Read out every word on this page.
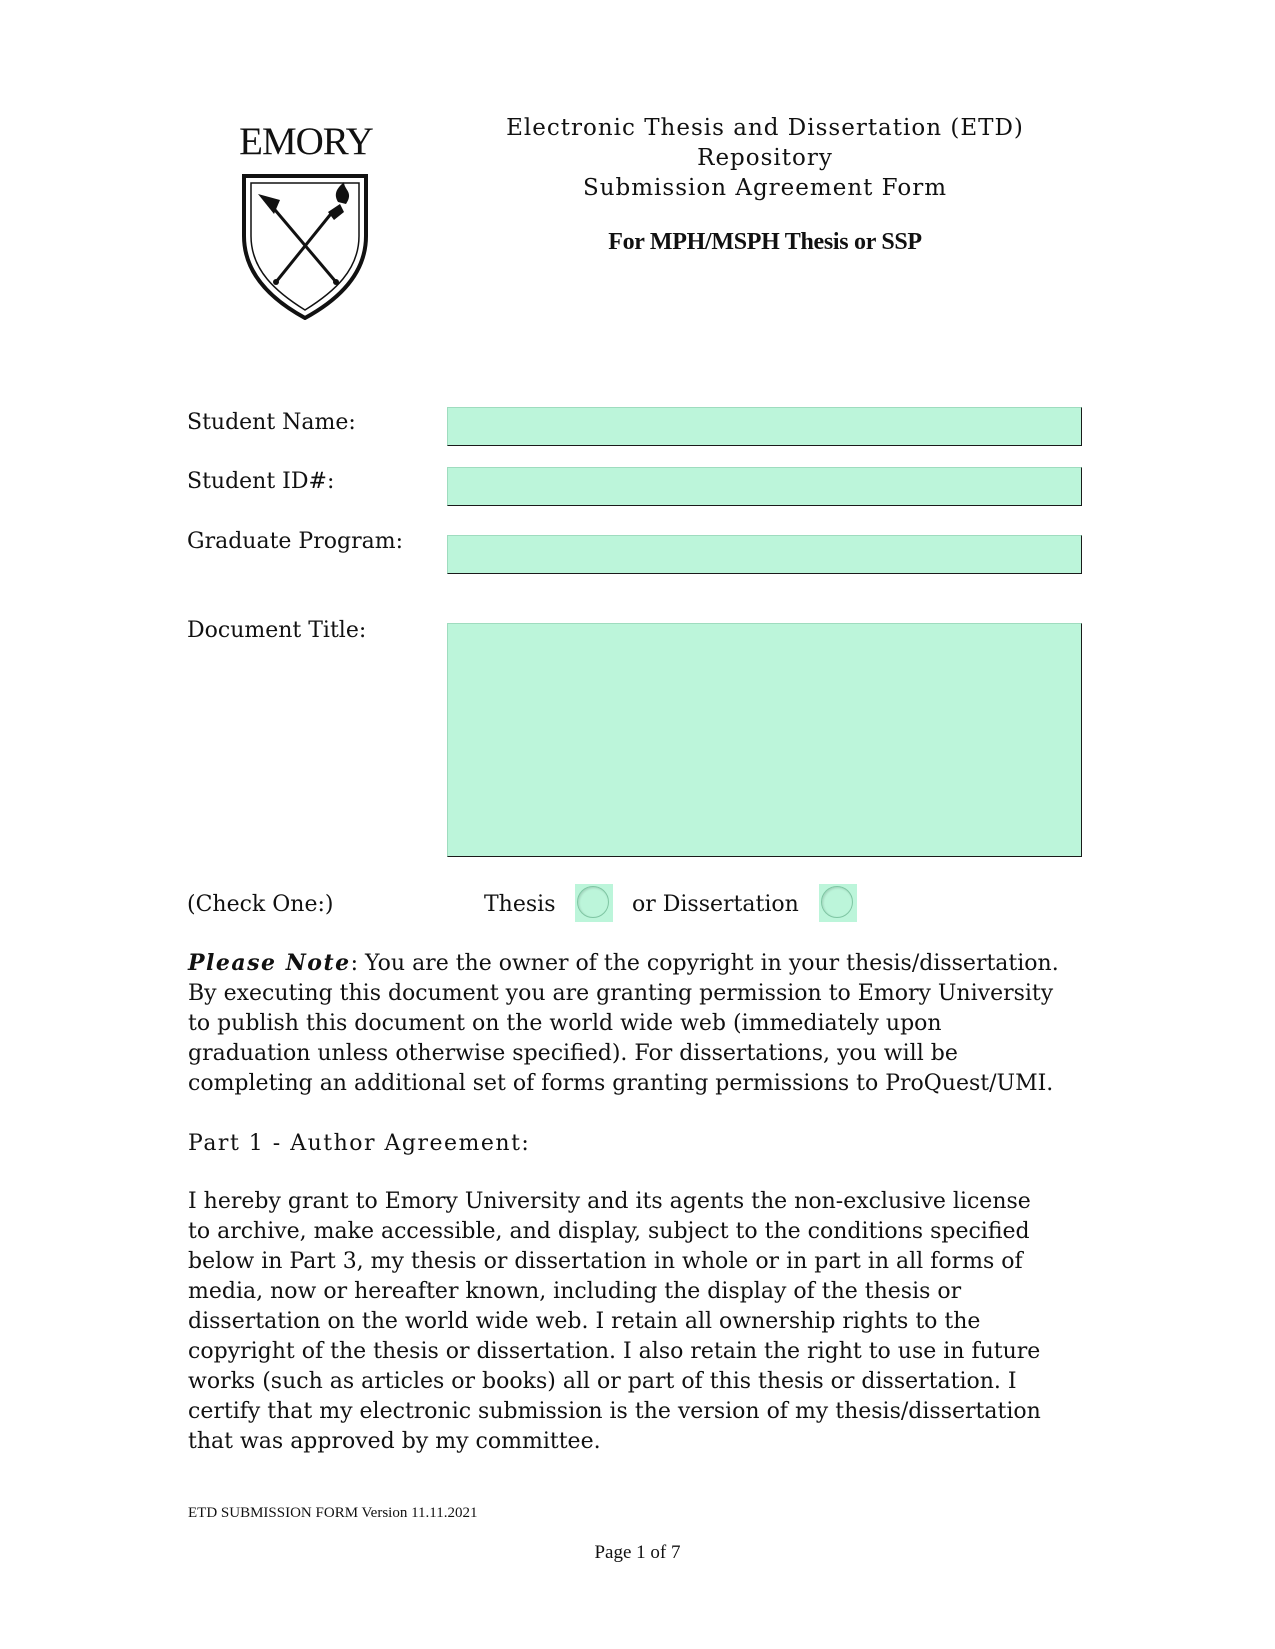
EMORY	Electronic Thesis and Dissertation (ETD)
Repository
Submission Agreement Form
For MPH/MSPH Thesis or SSP
Student Name:
Student ID#:
Graduate Program:
Document Title:
(Check One:)	Thesis	or Dissertation
Please Note: You are the owner of the copyright in your thesis/dissertation.
By executing this document you are granting permission to Emory University
to publish this document on the world wide web (immediately upon
graduation unless otherwise specified). For dissertations, you will be
completing an additional set of forms granting permissions to ProQuest/UMI.
Part 1 - Author Agreement:
I hereby grant to Emory University and its agents the non-exclusive license
to archive, make accessible, and display, subject to the conditions specified
below in Part 3, my thesis or dissertation in whole or in part in all forms of
media, now or hereafter known, including the display of the thesis or
dissertation on the world wide web. I retain all ownership rights to the
copyright of the thesis or dissertation. I also retain the right to use in future
works (such as articles or books) all or part of this thesis or dissertation. I
certify that my electronic submission is the version of my thesis/dissertation
that was approved by my committee.
ETD SUBMISSION FORM Version 11.11.2021
Page 1 of 7
